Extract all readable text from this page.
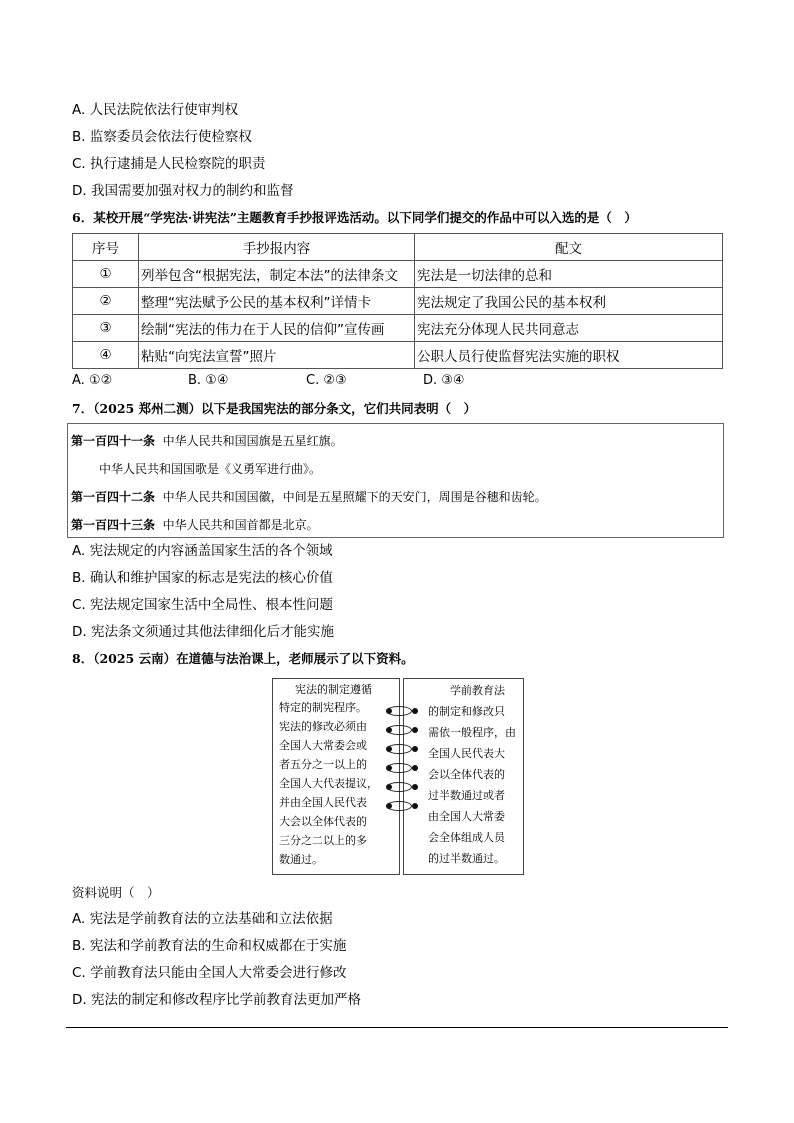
A. 人民法院依法行使审判权
B. 监察委员会依法行使检察权
C. 执行逮捕是人民检察院的职责
D. 我国需要加强对权力的制约和监督
6．某校开展“学宪法·讲宪法”主题教育手抄报评选活动。以下同学们提交的作品中可以入选的是（　）
序号	手抄报内容	配文
①	列举包含“根据宪法，制定本法”的法律条文	宪法是一切法律的总和
②	整理“宪法赋予公民的基本权利”详情卡	宪法规定了我国公民的基本权利
③	绘制“宪法的伟力在于人民的信仰”宣传画	宪法充分体现人民共同意志
④	粘贴“向宪法宣誓”照片	公职人员行使监督宪法实施的职权
A. ①②	B. ①④	C. ②③	D. ③④
7．（2025 郑州二测）以下是我国宪法的部分条文，它们共同表明（　）
第一百四十一条 中华人民共和国国旗是五星红旗。
中华人民共和国国歌是《义勇军进行曲》。
第一百四十二条 中华人民共和国国徽，中间是五星照耀下的天安门，周围是谷穗和齿轮。
第一百四十三条 中华人民共和国首都是北京。
A. 宪法规定的内容涵盖国家生活的各个领域
B. 确认和维护国家的标志是宪法的核心价值
C. 宪法规定国家生活中全局性、根本性问题
D. 宪法条文须通过其他法律细化后才能实施
8．（2025 云南）在道德与法治课上，老师展示了以下资料。
宪法的制定遵循
特定的制宪程序。
宪法的修改必须由
全国人大常委会或
者五分之一以上的
全国人大代表提议，
并由全国人民代表
大会以全体代表的
三分之二以上的多
数通过。
学前教育法
的制定和修改只
需依一般程序，由
全国人民代表大
会以全体代表的
过半数通过或者
由全国人大常委
会全体组成人员
的过半数通过。
资料说明（　）
A. 宪法是学前教育法的立法基础和立法依据
B. 宪法和学前教育法的生命和权威都在于实施
C. 学前教育法只能由全国人大常委会进行修改
D. 宪法的制定和修改程序比学前教育法更加严格
